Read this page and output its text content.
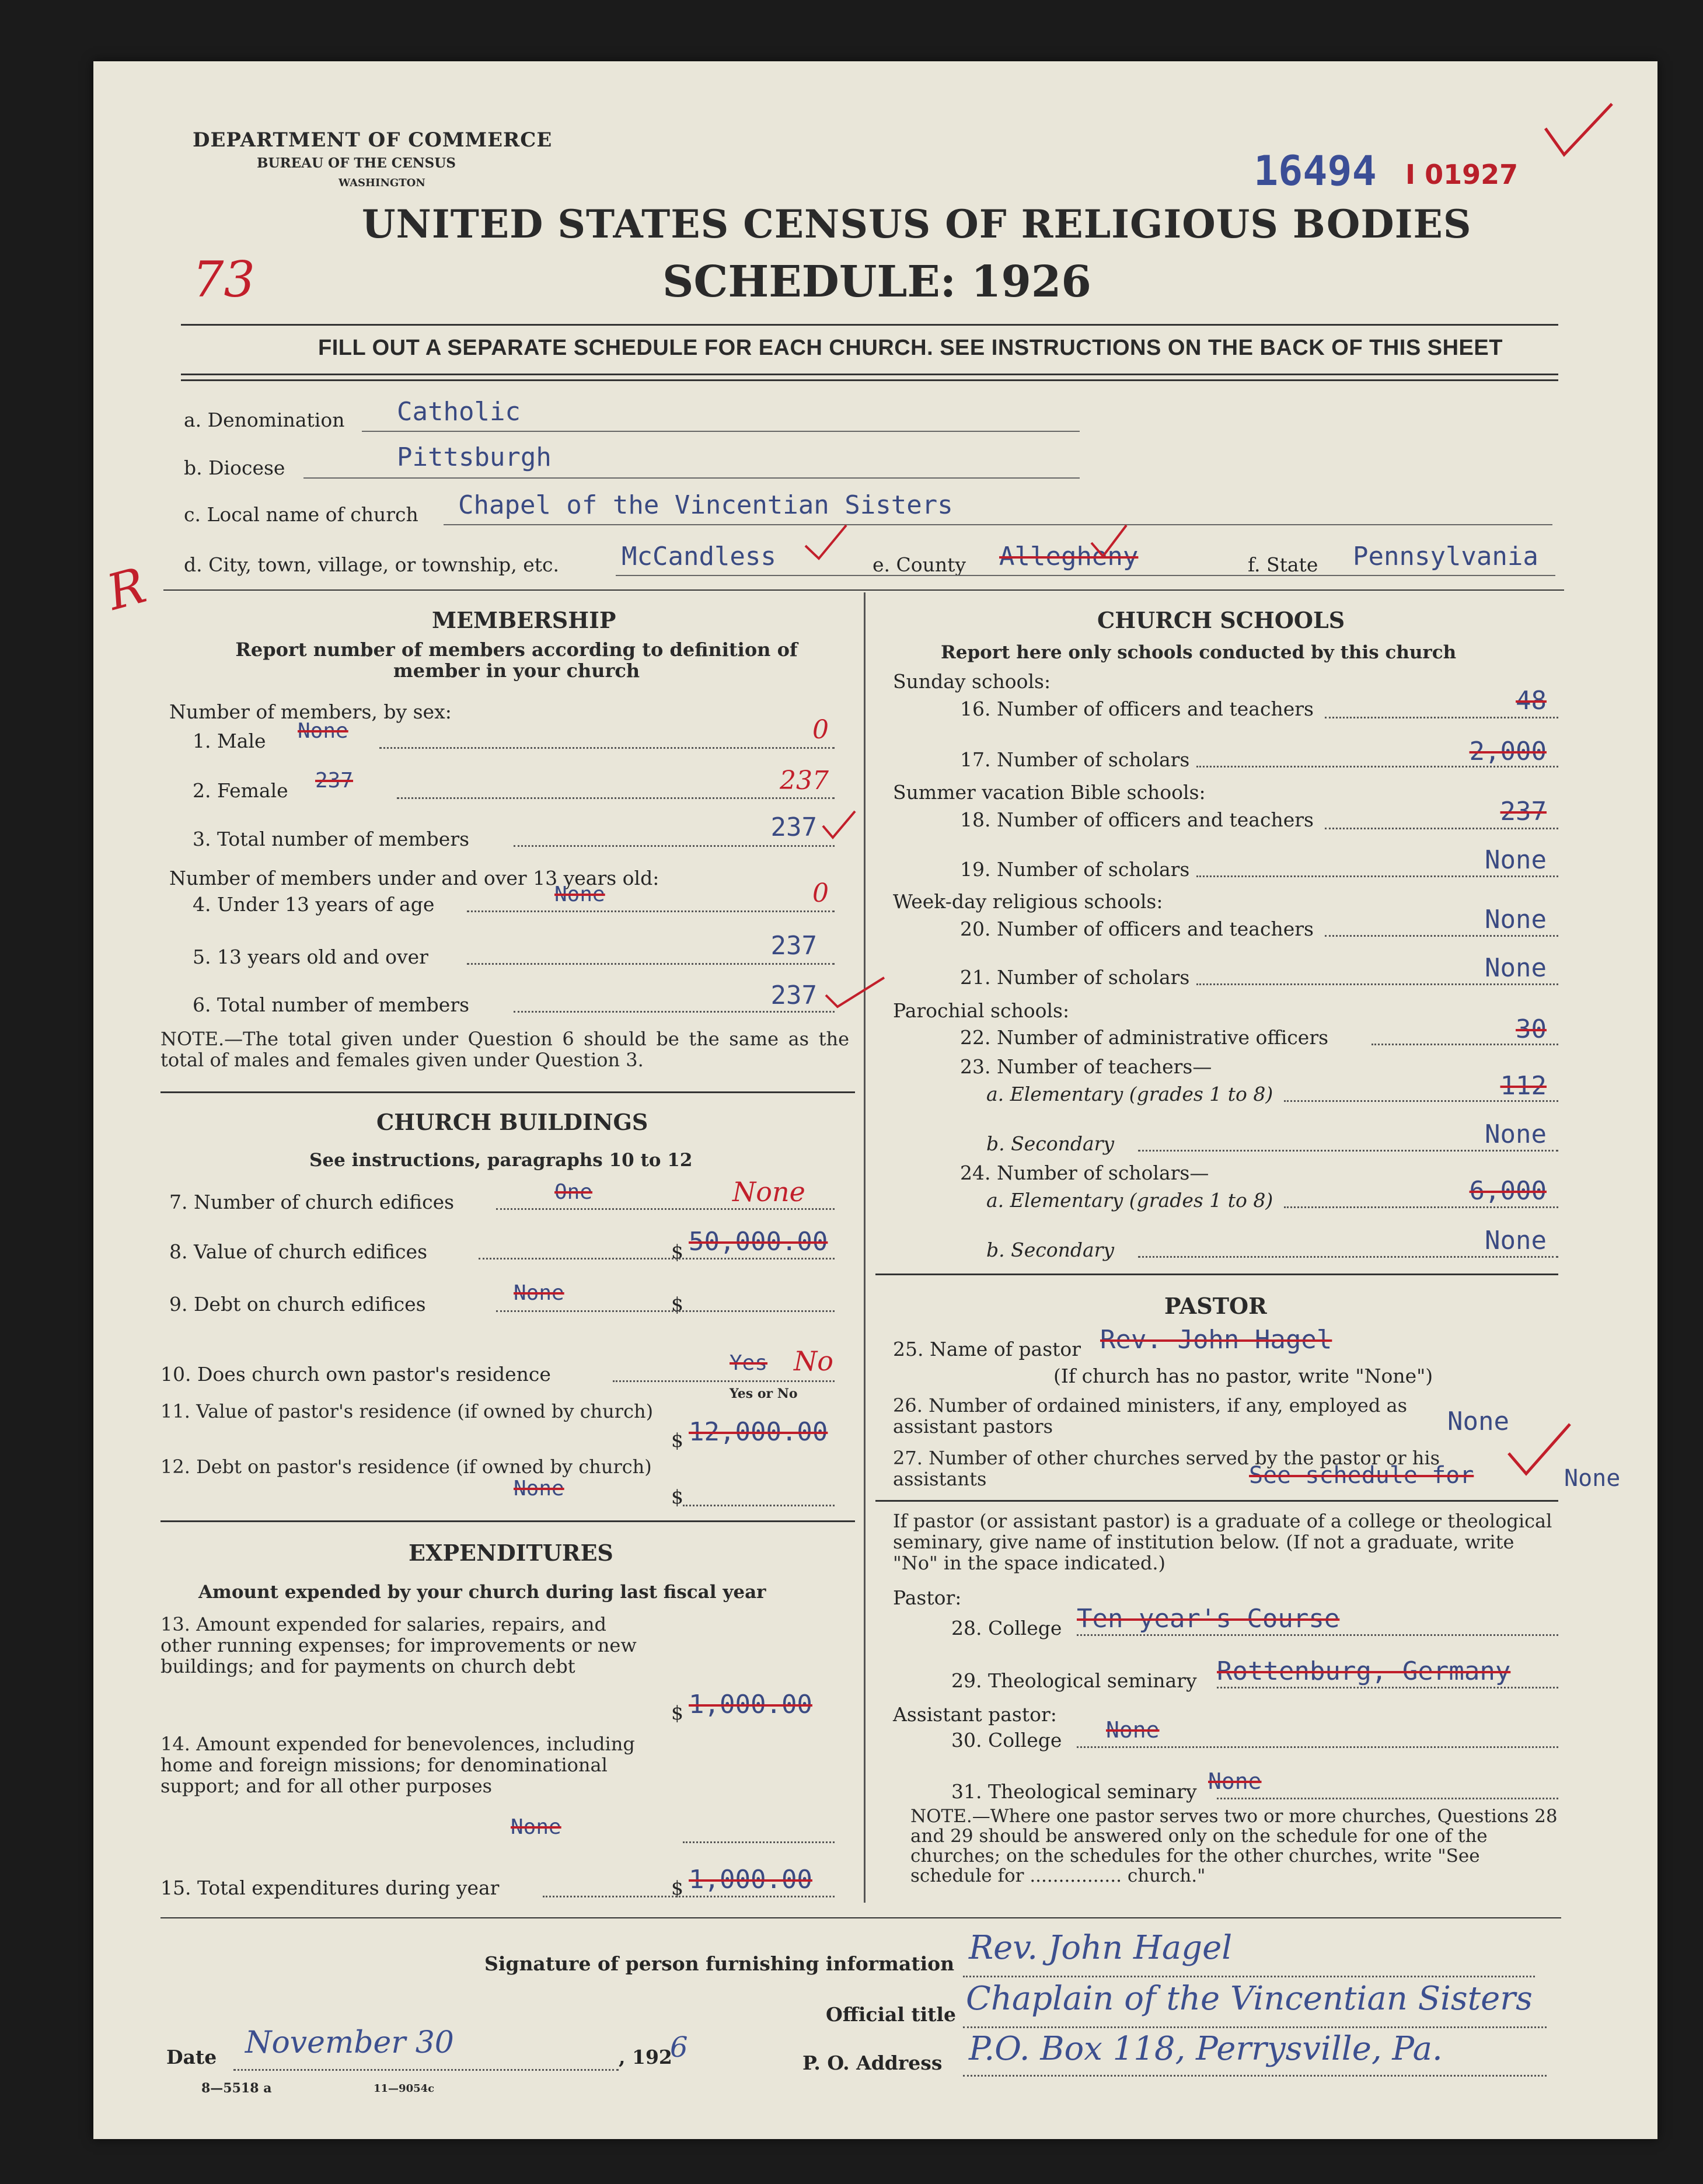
DEPARTMENT OF COMMERCE
BUREAU OF THE CENSUS
WASHINGTON
UNITED STATES CENSUS OF RELIGIOUS BODIES
SCHEDULE: 1926
16494 I 01927
73
R
FILL OUT A SEPARATE SCHEDULE FOR EACH CHURCH. SEE INSTRUCTIONS ON THE BACK OF THIS SHEET
a. Denomination Catholic
b. Diocese	Pittsburgh
c. Local name of church Chapel of the Vincentian Sisters
d. City, town, village, or township, etc. McCandless	e. County Allegheny	f. State Pennsylvania
MEMBERSHIP
Report number of members according to definition of member in your church
Number of members, by sex:
1. Male None	0
2. Female 237	237
3. Total number of members	237
Number of members under and over 13 years old:
4. Under 13 years of age	None	0
5. 13 years old and over	237
6. Total number of members	237
NOTE.—The total given under Question 6 should be the same as the total of males and females given under Question 3.
CHURCH BUILDINGS
See instructions, paragraphs 10 to 12
7. Number of church edifices	One	None
8. Value of church edifices	$ 50,000.00
9. Debt on church edifices	None	$
10. Does church own pastor's residence	Yes No
Yes or No
11. Value of pastor's residence (if owned by church)
$ 12,000.00
12. Debt on pastor's residence (if owned by church)
None	$
EXPENDITURES
Amount expended by your church during last fiscal year
13. Amount expended for salaries, repairs, and other running expenses; for improvements or new buildings; and for payments on church debt
$ 1,000.00
14. Amount expended for benevolences, including home and foreign missions; for denominational support; and for all other purposes
None
15. Total expenditures during year	$ 1,000.00
CHURCH SCHOOLS
Report here only schools conducted by this church
Sunday schools:
16. Number of officers and teachers	48
17. Number of scholars	2,000
Summer vacation Bible schools:
18. Number of officers and teachers	237
19. Number of scholars	None
Week-day religious schools:
20. Number of officers and teachers	None
21. Number of scholars	None
Parochial schools:
22. Number of administrative officers	30
23. Number of teachers—
a. Elementary (grades 1 to 8)	112
b. Secondary	None
24. Number of scholars—
a. Elementary (grades 1 to 8)	6,000
b. Secondary	None
PASTOR
25. Name of pastor Rev. John Hagel
(If church has no pastor, write "None")
26. Number of ordained ministers, if any, employed as assistant pastors	None
27. Number of other churches served by the pastor or his assistants	See schedule for	None
If pastor (or assistant pastor) is a graduate of a college or theological seminary, give name of institution below. (If not a graduate, write "No" in the space indicated.)
Pastor:
28. College Ten year's Course
29. Theological seminary Rottenburg, Germany
Assistant pastor:
30. College None
31. Theological seminary None
NOTE.—Where one pastor serves two or more churches, Questions 28 and 29 should be answered only on the schedule for one of the churches; on the schedules for the other churches, write "See schedule for ................ church."
Signature of person furnishing information Rev. John Hagel
Official title Chaplain of the Vincentian Sisters
Date November 30	, 192
6	P. O. Address P.O. Box 118, Perrysville, Pa.
8—5518 a	11—9054c
